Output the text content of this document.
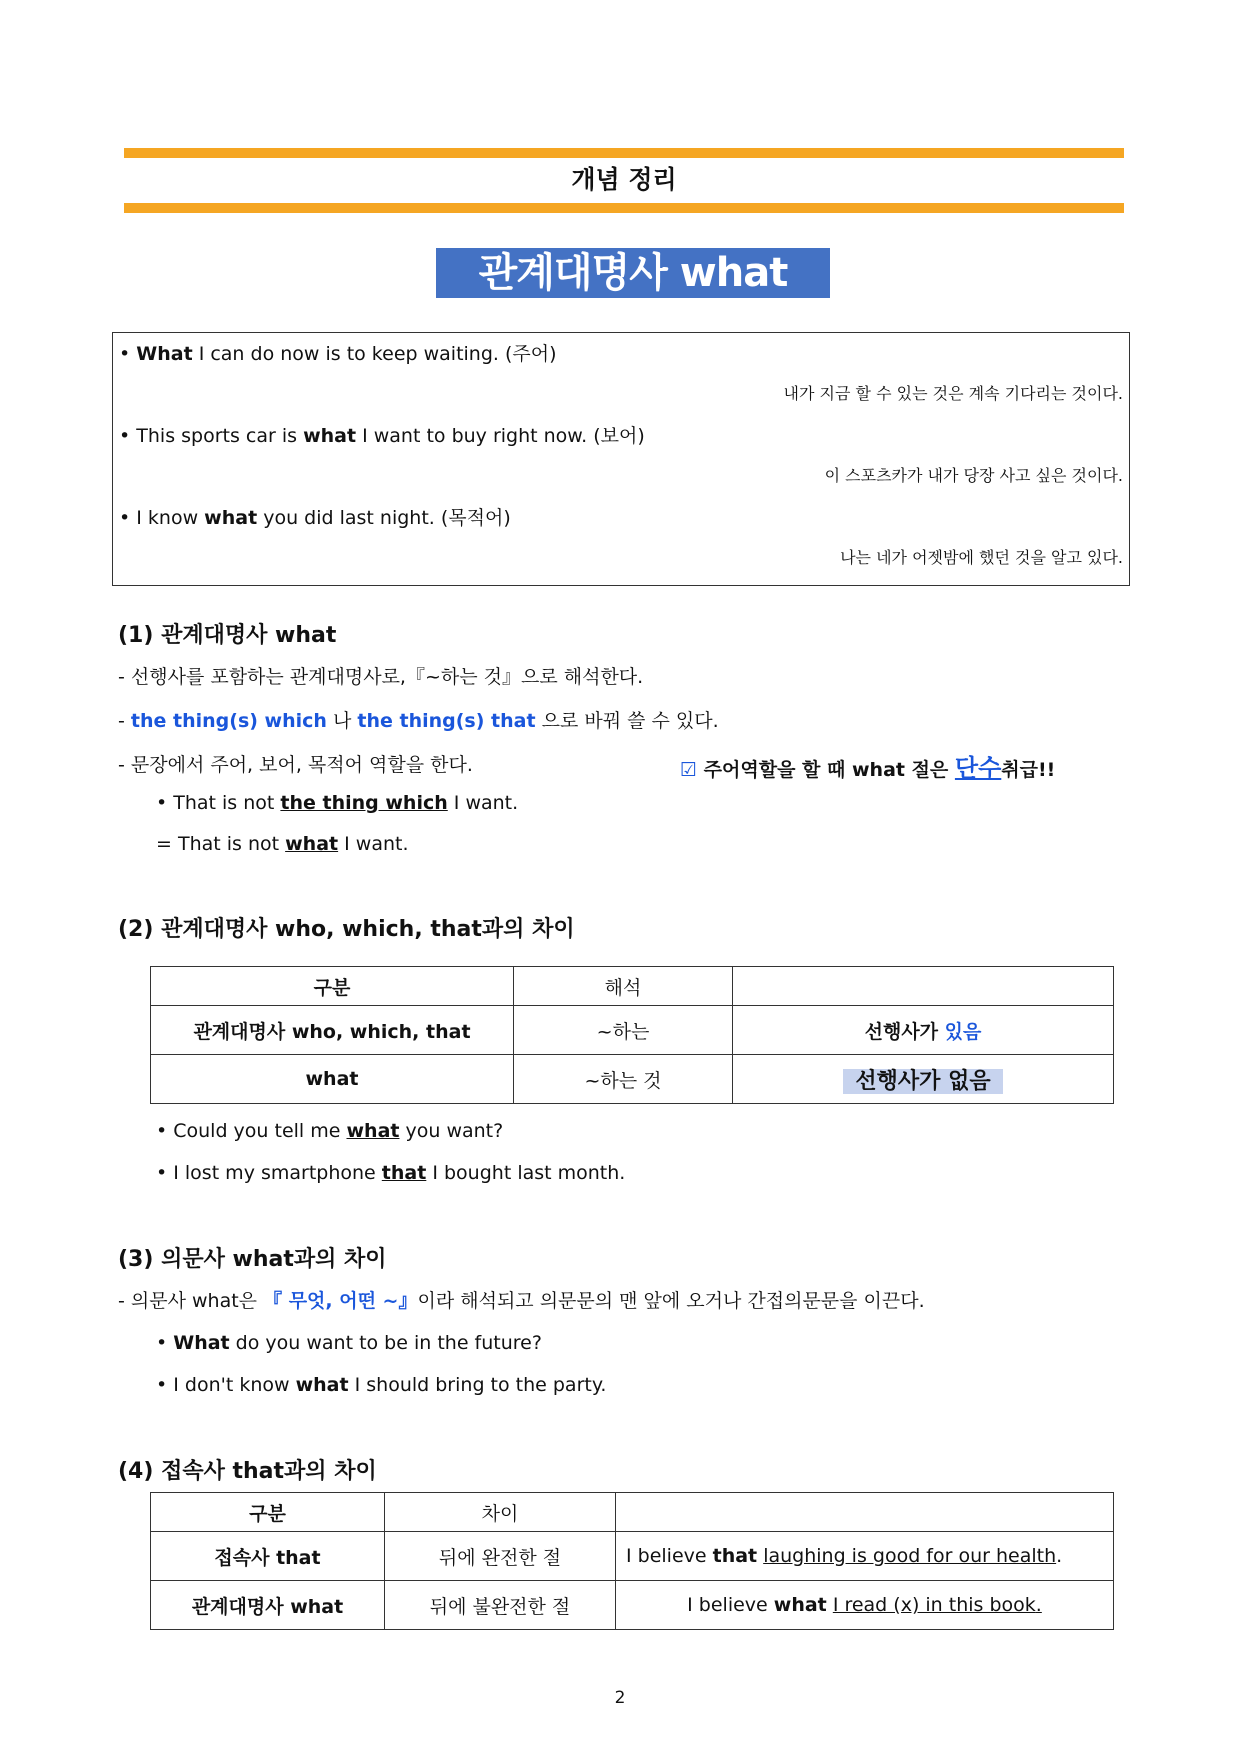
개념 정리
관계대명사 what
• What I can do now is to keep waiting. (주어)
내가 지금 할 수 있는 것은 계속 기다리는 것이다.
• This sports car is what I want to buy right now. (보어)
이 스포츠카가 내가 당장 사고 싶은 것이다.
• I know what you did last night. (목적어)
나는 네가 어젯밤에 했던 것을 알고 있다.
(1) 관계대명사 what
- 선행사를 포함하는 관계대명사로,『~하는 것』으로 해석한다.
- the thing(s) which 나 the thing(s) that 으로 바꿔 쓸 수 있다.
- 문장에서 주어, 보어, 목적어 역할을 한다.	☑ 주어역할을 할 때 what 절은 단수취급!!
• That is not the thing which I want.
= That is not what I want.
(2) 관계대명사 who, which, that과의 차이
구분	해석	
관계대명사 who, which, that	~하는	선행사가 있음
what	~하는 것	선행사가 없음
• Could you tell me what you want?
• I lost my smartphone that I bought last month.
(3) 의문사 what과의 차이
- 의문사 what은 『 무엇, 어떤 ~』이라 해석되고 의문문의 맨 앞에 오거나 간접의문문을 이끈다.
• What do you want to be in the future?
• I don't know what I should bring to the party.
(4) 접속사 that과의 차이
구분	차이	
접속사 that	뒤에 완전한 절	I believe that laughing is good for our health.
관계대명사 what	뒤에 불완전한 절	I believe what I read (x) in this book.
2
